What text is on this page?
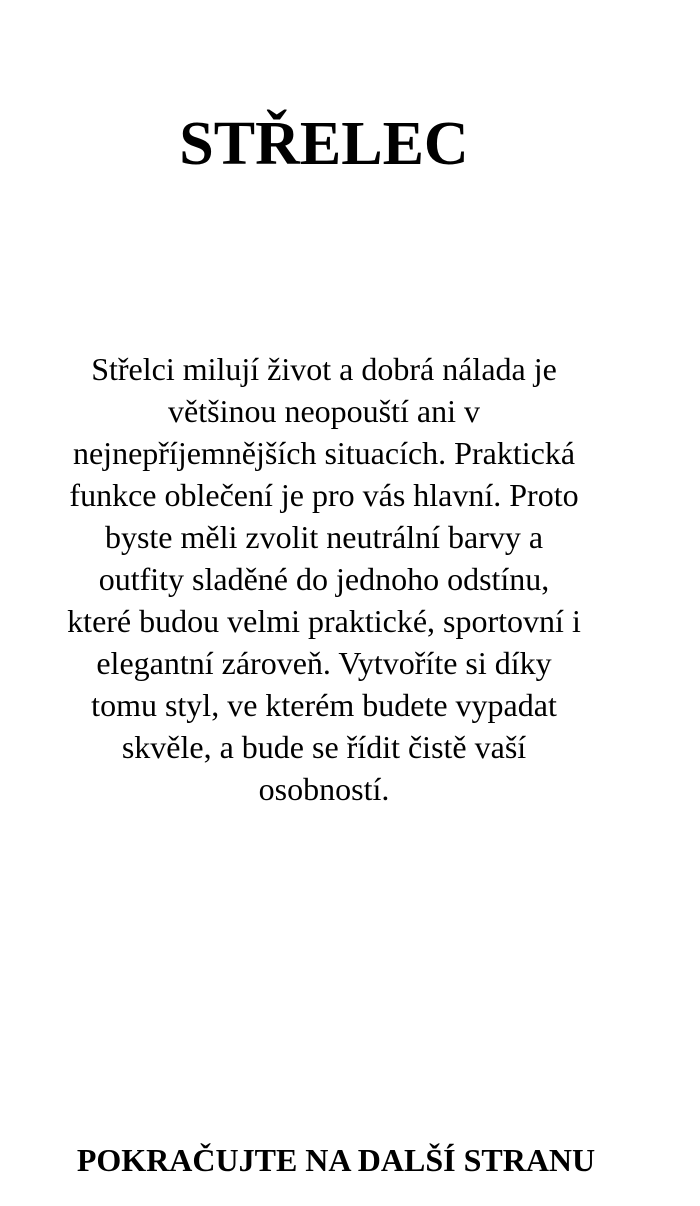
STŘELEC

Střelci milují život a dobrá nálada je většinou neopouští ani v nejnepříjemnějších situacích. Praktická funkce oblečení je pro vás hlavní. Proto byste měli zvolit neutrální barvy a outfity sladěné do jednoho odstínu, které budou velmi praktické, sportovní i elegantní zároveň. Vytvoříte si díky tomu styl, ve kterém budete vypadat skvěle, a bude se řídit čistě vaší osobností.

POKRAČUJTE NA DALŠÍ STRANU
